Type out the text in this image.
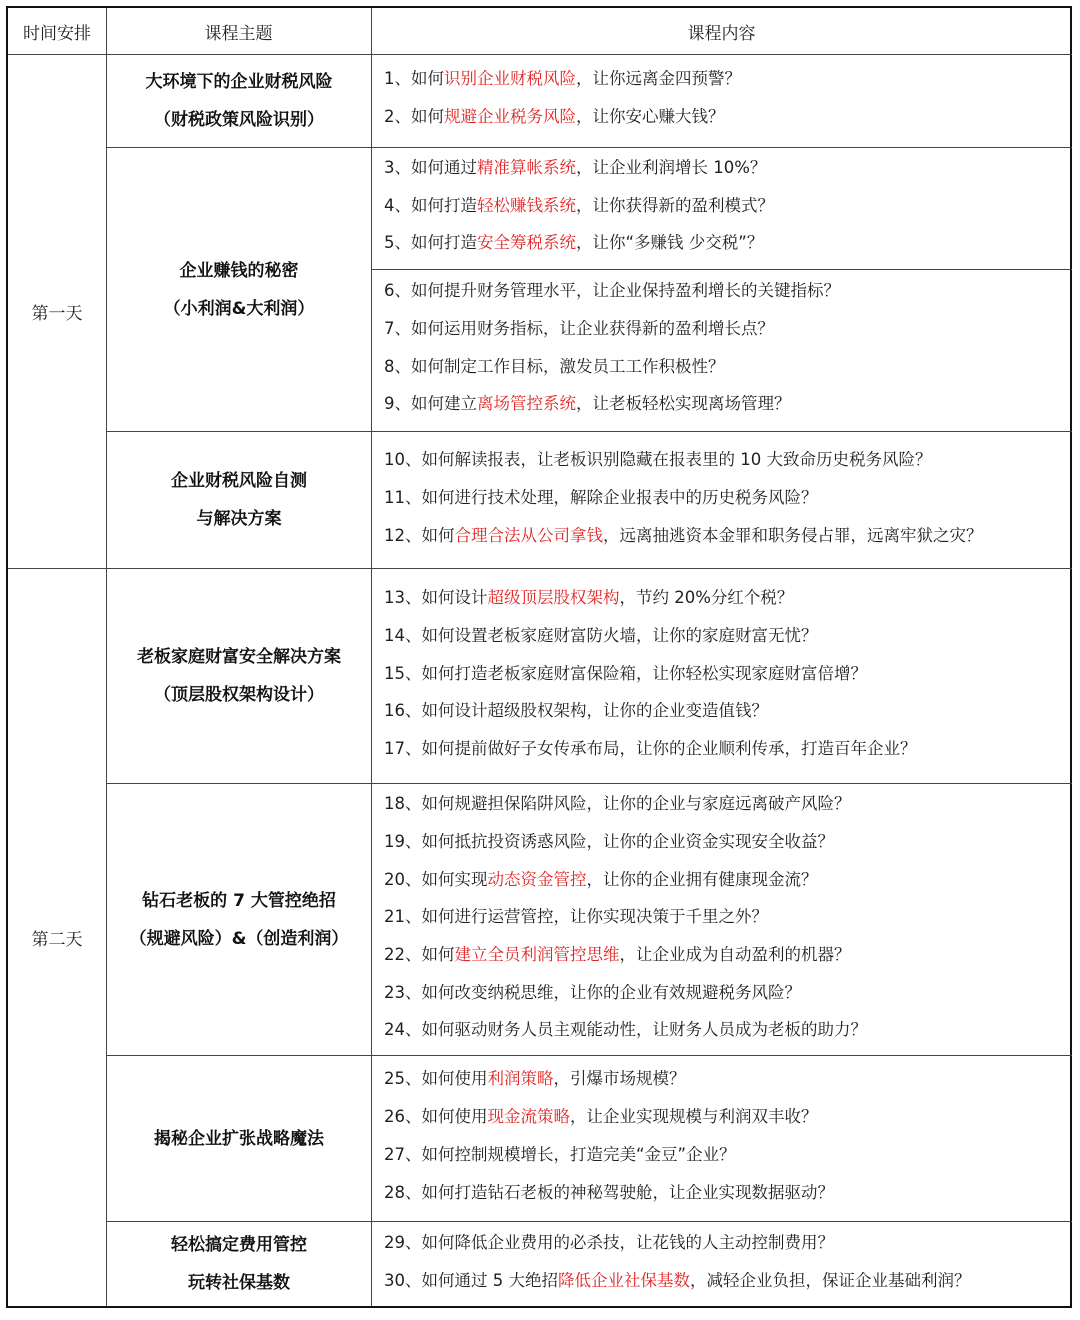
时间安排	课程主题	课程内容
第一天
第二天
大环境下的企业财税风险
（财税政策风险识别）
企业赚钱的秘密
（小利润&大利润）
企业财税风险自测
与解决方案
老板家庭财富安全解决方案
（顶层股权架构设计）
钻石老板的 7 大管控绝招
（规避风险）&（创造利润）
揭秘企业扩张战略魔法
轻松搞定费用管控
玩转社保基数
1、如何识别企业财税风险，让你远离金四预警？
2、如何规避企业税务风险，让你安心赚大钱？
3、如何通过精准算帐系统，让企业利润增长 10%？
4、如何打造轻松赚钱系统，让你获得新的盈利模式？
5、如何打造安全筹税系统，让你“多赚钱 少交税”？
6、如何提升财务管理水平，让企业保持盈利增长的关键指标？
7、如何运用财务指标，让企业获得新的盈利增长点？
8、如何制定工作目标，激发员工工作积极性？
9、如何建立离场管控系统，让老板轻松实现离场管理？
10、如何解读报表，让老板识别隐藏在报表里的 10 大致命历史税务风险？
11、如何进行技术处理，解除企业报表中的历史税务风险？
12、如何合理合法从公司拿钱，远离抽逃资本金罪和职务侵占罪，远离牢狱之灾？
13、如何设计超级顶层股权架构，节约 20%分红个税？
14、如何设置老板家庭财富防火墙，让你的家庭财富无忧？
15、如何打造老板家庭财富保险箱，让你轻松实现家庭财富倍增？
16、如何设计超级股权架构，让你的企业变造值钱？
17、如何提前做好子女传承布局，让你的企业顺利传承，打造百年企业？
18、如何规避担保陷阱风险，让你的企业与家庭远离破产风险？
19、如何抵抗投资诱惑风险，让你的企业资金实现安全收益？
20、如何实现动态资金管控，让你的企业拥有健康现金流？
21、如何进行运营管控，让你实现决策于千里之外？
22、如何建立全员利润管控思维，让企业成为自动盈利的机器？
23、如何改变纳税思维，让你的企业有效规避税务风险？
24、如何驱动财务人员主观能动性，让财务人员成为老板的助力？
25、如何使用利润策略，引爆市场规模？
26、如何使用现金流策略，让企业实现规模与利润双丰收？
27、如何控制规模增长，打造完美“金豆”企业？
28、如何打造钻石老板的神秘驾驶舱，让企业实现数据驱动？
29、如何降低企业费用的必杀技，让花钱的人主动控制费用？
30、如何通过 5 大绝招降低企业社保基数，减轻企业负担，保证企业基础利润？
